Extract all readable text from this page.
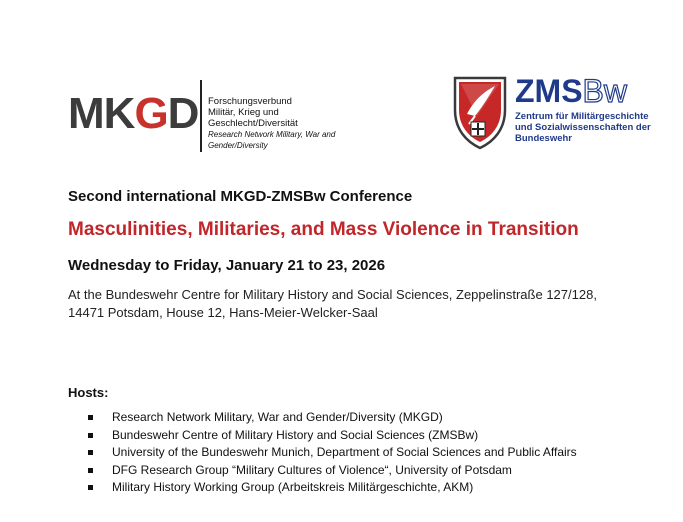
MKGD Forschungsverbund
Militär, Krieg und Geschlecht/Diversität
Research Network Military, War and Gender/Diversity
ZMSBw
Zentrum für Militärgeschichte
und Sozialwissenschaften der
Bundeswehr
Second international MKGD-ZMSBw Conference
Masculinities, Militaries, and Mass Violence in Transition
Wednesday to Friday, January 21 to 23, 2026
At the Bundeswehr Centre for Military History and Social Sciences, Zeppelinstraße 127/128,
14471 Potsdam, House 12, Hans-Meier-Welcker-Saal
Hosts:
Research Network Military, War and Gender/Diversity (MKGD)
Bundeswehr Centre of Military History and Social Sciences (ZMSBw)
University of the Bundeswehr Munich, Department of Social Sciences and Public Affairs
DFG Research Group “Military Cultures of Violence“, University of Potsdam
Military History Working Group (Arbeitskreis Militärgeschichte, AKM)
